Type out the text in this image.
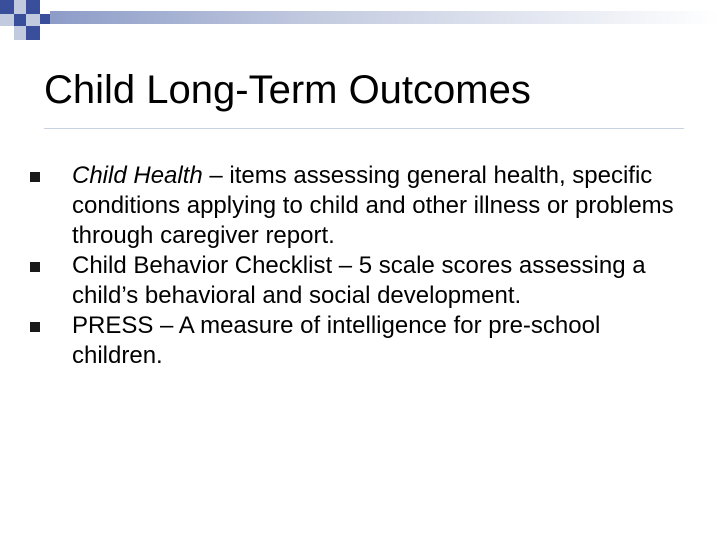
Child Long-Term Outcomes
Child Health – items assessing general health, specific conditions applying to child and other illness or problems through caregiver report.
Child Behavior Checklist – 5 scale scores assessing a child’s behavioral and social development.
PRESS – A measure of intelligence for pre-school children.
